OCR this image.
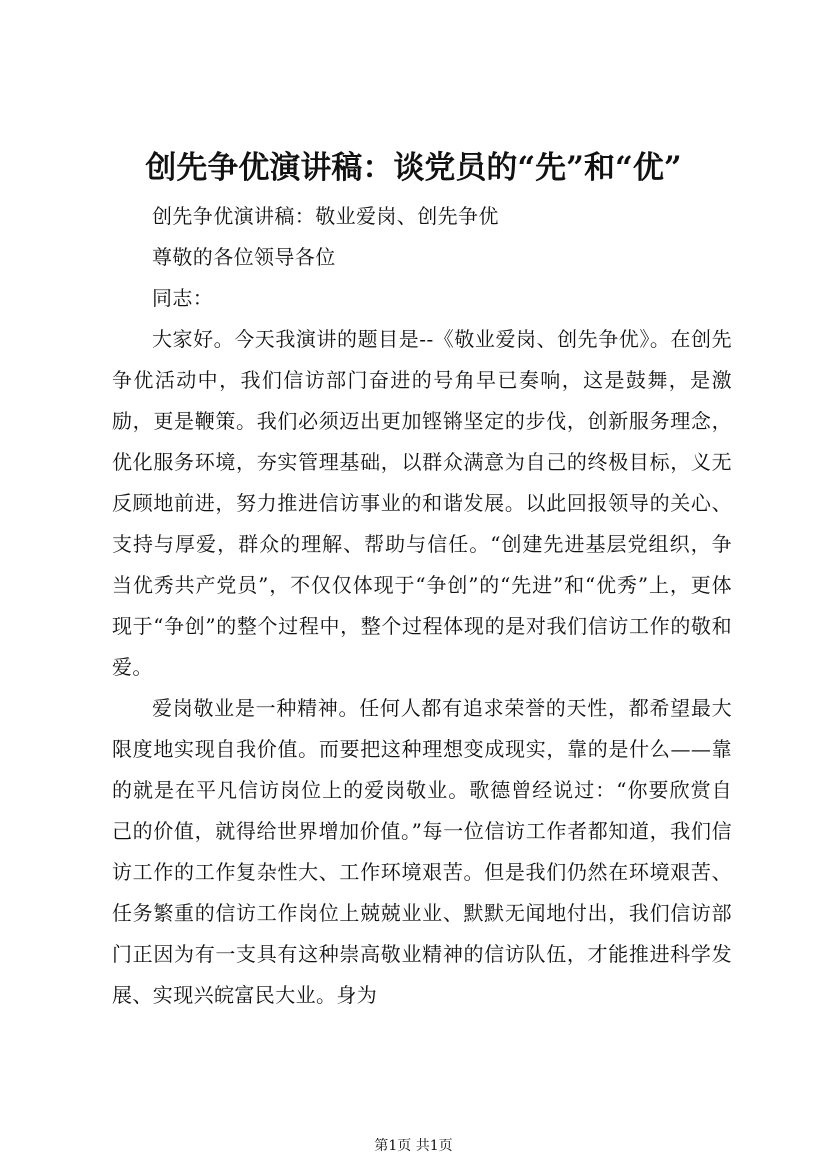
创先争优演讲稿：谈党员的“先”和“优”

创先争优演讲稿：敬业爱岗、创先争优

尊敬的各位领导各位

同志：

大家好。今天我演讲的题目是--《敬业爱岗、创先争优》。在创先争优活动中，我们信访部门奋进的号角早已奏响，这是鼓舞，是激励，更是鞭策。我们必须迈出更加铿锵坚定的步伐，创新服务理念，优化服务环境，夯实管理基础，以群众满意为自己的终极目标，义无反顾地前进，努力推进信访事业的和谐发展。以此回报领导的关心、支持与厚爱，群众的理解、帮助与信任。“创建先进基层党组织，争当优秀共产党员”，不仅仅体现于“争创”的“先进”和“优秀”上，更体现于“争创”的整个过程中，整个过程体现的是对我们信访工作的敬和爱。

爱岗敬业是一种精神。任何人都有追求荣誉的天性，都希望最大限度地实现自我价值。而要把这种理想变成现实，靠的是什么——靠的就是在平凡信访岗位上的爱岗敬业。歌德曾经说过：“你要欣赏自己的价值，就得给世界增加价值。”每一位信访工作者都知道，我们信访工作的工作复杂性大、工作环境艰苦。但是我们仍然在环境艰苦、任务繁重的信访工作岗位上兢兢业业、默默无闻地付出，我们信访部门正因为有一支具有这种崇高敬业精神的信访队伍，才能推进科学发展、实现兴皖富民大业。身为

第1页 共1页
